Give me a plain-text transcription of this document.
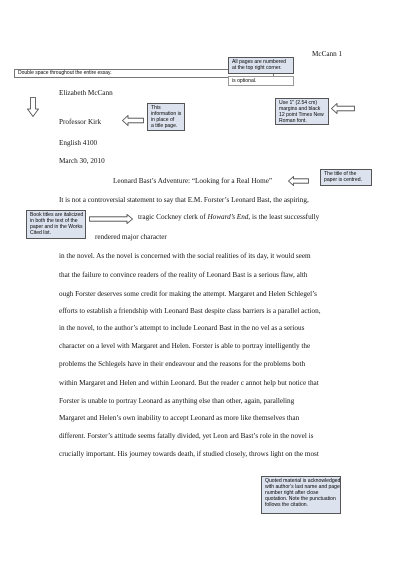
McCann 1
Elizabeth McCann
Professor Kirk
English 4100
March 30, 2010
Leonard Bast’s Adventure: “Looking for a Real Home”
It is not a controversial statement to say that E.M. Forster’s Leonard Bast, the aspiring,
tragic Cockney clerk of Howard’s End, is the least successfully
rendered major character
in the novel. As the novel is concerned with the social realities of its day, it would seem
that the failure to convince readers of the reality of Leonard Bast is a serious flaw, alth
ough Forster deserves some credit for making the attempt. Margaret and Helen Schlegel’s
efforts to establish a friendship with Leonard Bast despite class barriers is a parallel action,
in the novel, to the author’s attempt to include Leonard Bast in the no vel as a serious
character on a level with Margaret and Helen. Forster is able to portray intelligently the
problems the Schlegels have in their endeavour and the reasons for the problems both
within Margaret and Helen and within Leonard. But the reader c annot help but notice that
Forster is unable to portray Leonard as anything else than other, again, paralleling
Margaret and Helen’s own inability to accept Leonard as more like themselves than
different. Forster’s attitude seems fatally divided, yet Leon ard Bast’s role in the novel is
crucially important. His journey towards death, if studied closely, throws light on the most
Double space throughout the entire essay.
All pages are numbered
at the top right corner.
is optional.
This
information is
in place of
a title page.
Use 1" (2.54 cm)
margins and black
12 point Times New
Roman font.
The title of the
paper is centred.
Book titles are italicized
in both the text of the
paper and in the Works
Cited list.
Quoted material is acknowledged
with author’s last name and page
number right after close
quotation. Note the punctuation
follows the citation.
